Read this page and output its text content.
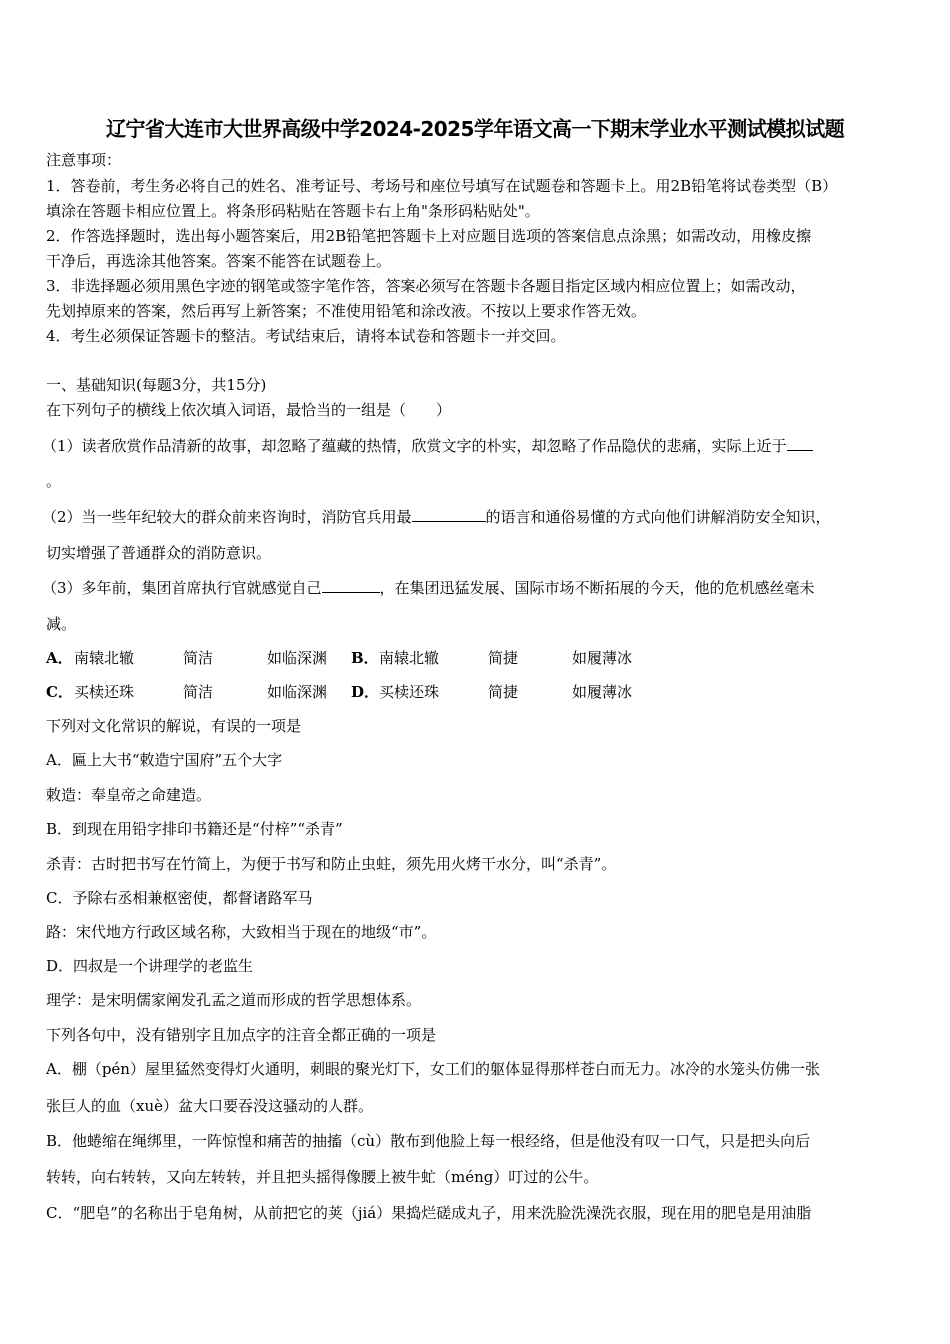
辽宁省大连市大世界高级中学2024-2025学年语文高一下期末学业水平测试模拟试题
注意事项：
1．答卷前，考生务必将自己的姓名、准考证号、考场号和座位号填写在试题卷和答题卡上。用2B铅笔将试卷类型（B）
填涂在答题卡相应位置上。将条形码粘贴在答题卡右上角"条形码粘贴处"。
2．作答选择题时，选出每小题答案后，用2B铅笔把答题卡上对应题目选项的答案信息点涂黑；如需改动，用橡皮擦
干净后，再选涂其他答案。答案不能答在试题卷上。
3．非选择题必须用黑色字迹的钢笔或签字笔作答，答案必须写在答题卡各题目指定区域内相应位置上；如需改动，
先划掉原来的答案，然后再写上新答案；不准使用铅笔和涂改液。不按以上要求作答无效。
4．考生必须保证答题卡的整洁。考试结束后，请将本试卷和答题卡一并交回。
一、基础知识(每题3分，共15分)
在下列句子的横线上依次填入词语，最恰当的一组是（　　）
（1）读者欣赏作品清新的故事，却忽略了蕴藏的热情，欣赏文字的朴实，却忽略了作品隐伏的悲痛，实际上近于
。
（2）当一些年纪较大的群众前来咨询时，消防官兵用最	的语言和通俗易懂的方式向他们讲解消防安全知识，
切实增强了普通群众的消防意识。
（3）多年前，集团首席执行官就感觉自己	，在集团迅猛发展、国际市场不断拓展的今天，他的危机感丝毫未
减。
A． 南辕北辙	简洁	如临深渊 B． 南辕北辙	简捷	如履薄冰
C． 买椟还珠	简洁	如临深渊 D． 买椟还珠	简捷	如履薄冰
下列对文化常识的解说，有误的一项是
A．匾上大书“敕造宁国府”五个大字
敕造：奉皇帝之命建造。
B．到现在用铅字排印书籍还是“付梓”“杀青”
杀青：古时把书写在竹简上，为便于书写和防止虫蛀，须先用火烤干水分，叫“杀青”。
C．予除右丞相兼枢密使，都督诸路军马
路：宋代地方行政区域名称，大致相当于现在的地级“市”。
D．四叔是一个讲理学的老监生
理学：是宋明儒家阐发孔孟之道而形成的哲学思想体系。
下列各句中，没有错别字且加点字的注音全都正确的一项是
A．棚（pén）屋里猛然变得灯火通明，刺眼的聚光灯下，女工们的躯体显得那样苍白而无力。冰冷的水笼头仿佛一张
张巨人的血（xuè）盆大口要吞没这骚动的人群。
B．他蜷缩在绳绑里，一阵惊惶和痛苦的抽搐（cù）散布到他脸上每一根经络，但是他没有叹一口气，只是把头向后
转转，向右转转，又向左转转，并且把头摇得像腰上被牛虻（méng）叮过的公牛。
C．“肥皂”的名称出于皂角树，从前把它的荚（jiá）果捣烂磋成丸子，用来洗脸洗澡洗衣服，现在用的肥皂是用油脂
